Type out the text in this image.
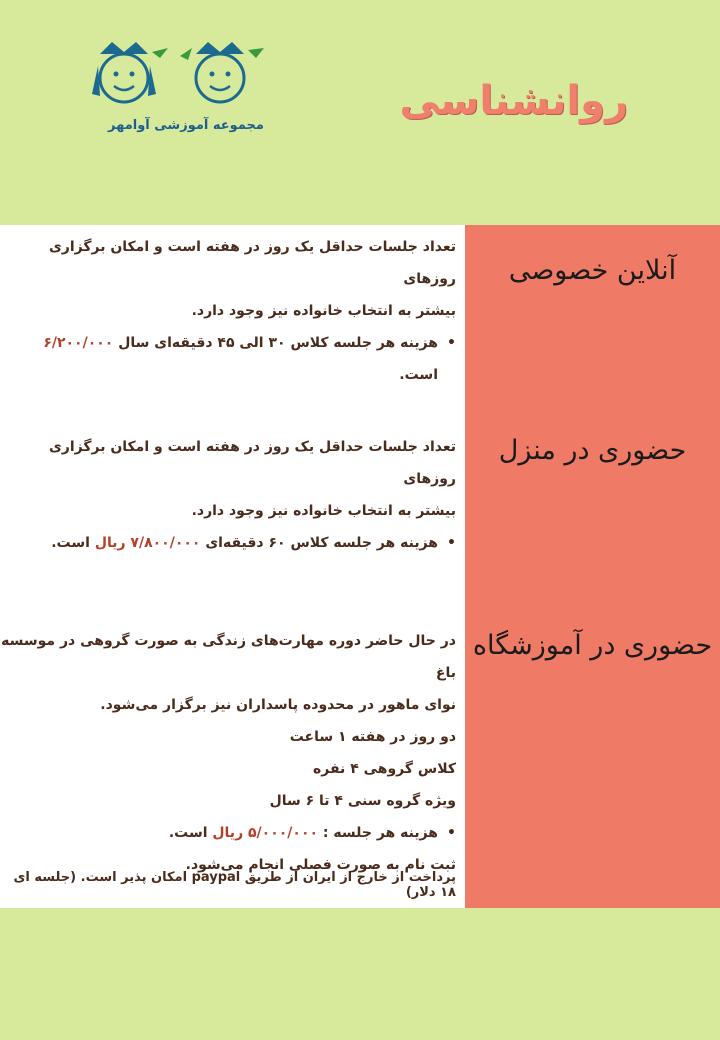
مجموعه آموزشی آوامهر
روانشناسی
آنلاین خصوصی
حضوری در منزل
حضوری در آموزشگاه

تعداد جلسات حداقل یک روز در هفته است و امکان برگزاری روزهای

بیشتر به انتخاب خانواده نیز وجود دارد.

• هزینه هر جلسه کلاس ۳۰ الی ۴۵ دقیقه‌ای سال ۶/۲۰۰/۰۰۰ است.

تعداد جلسات حداقل یک روز در هفته است و امکان برگزاری روزهای

بیشتر به انتخاب خانواده نیز وجود دارد.

• هزینه هر جلسه کلاس ۶۰ دقیقه‌ای ۷/۸۰۰/۰۰۰ ریال است.

در حال حاضر دوره مهارت‌های زندگی به صورت گروهی در موسسه باغ

نوای ماهور در محدوده پاسداران نیز برگزار می‌شود.

دو روز در هفته ۱ ساعت

کلاس گروهی ۴ نفره

ویژه گروه سنی ۴ تا ۶ سال

• هزینه هر جلسه : ۵/۰۰۰/۰۰۰ ریال است.

ثبت نام به صورت فصلی انجام می‌شود.

پرداخت از خارج از ایران از طریق paypal امکان پذیر است. (جلسه ای ۱۸ دلار)
